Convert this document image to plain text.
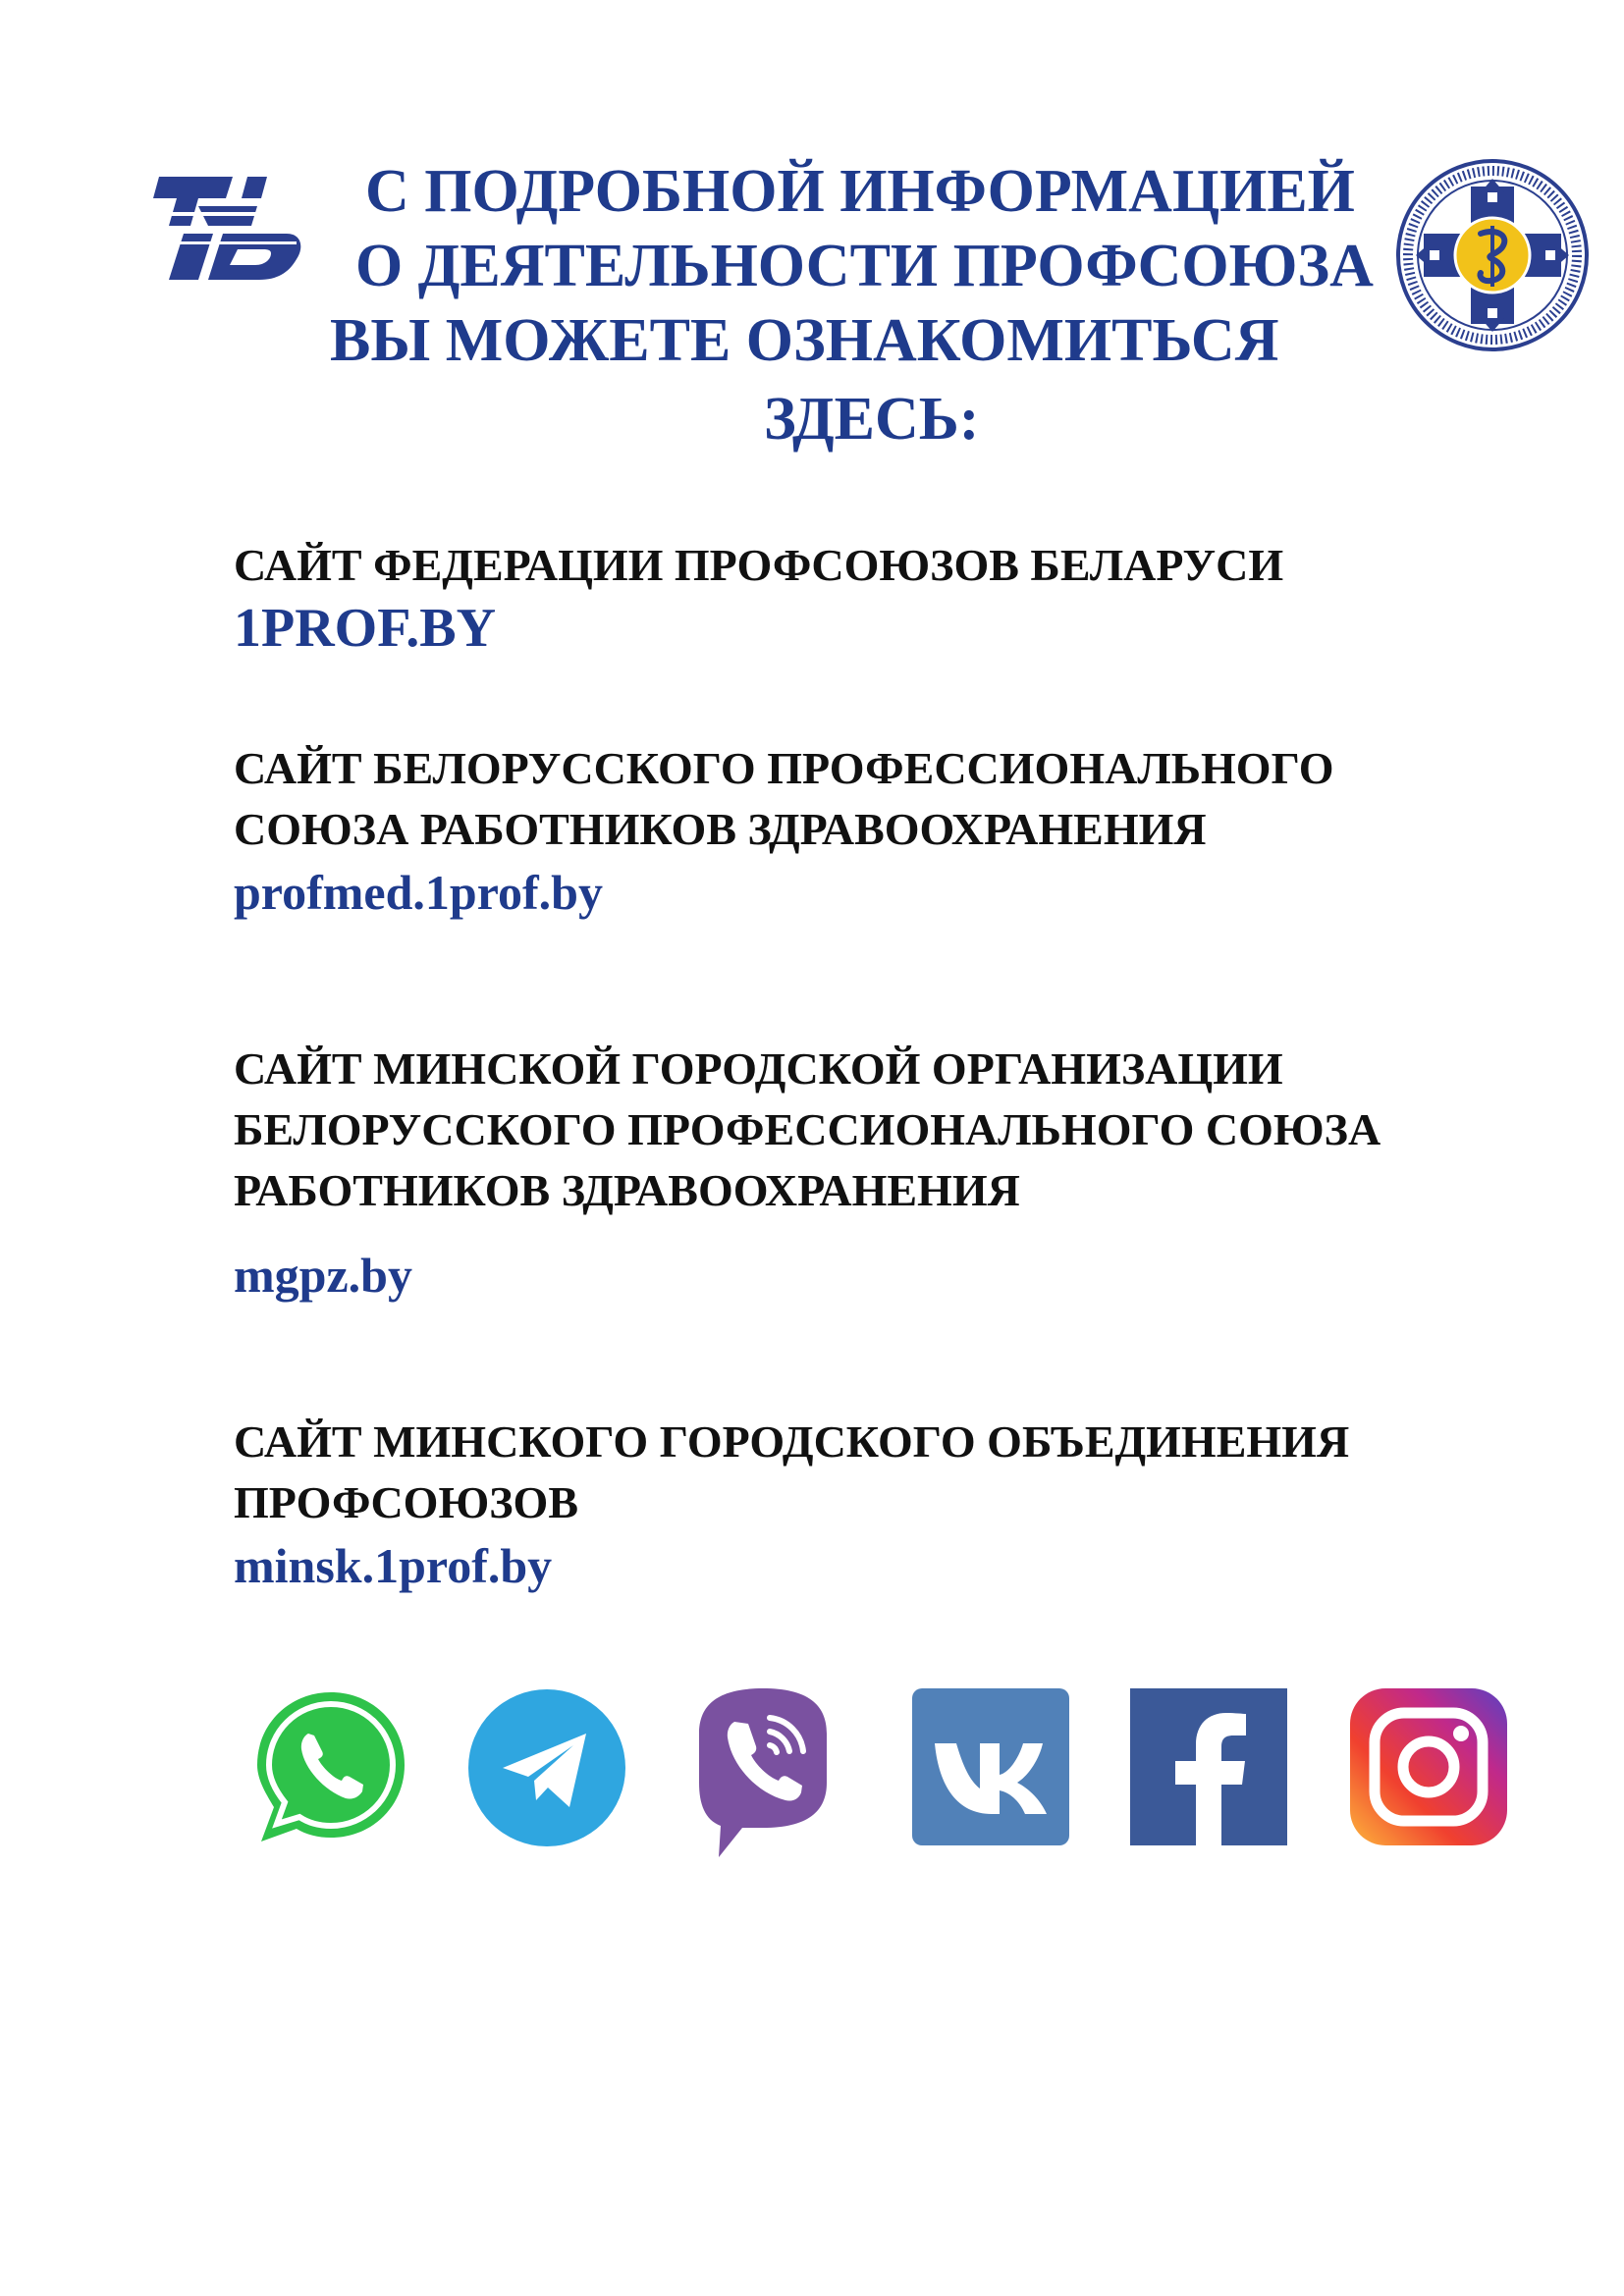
С ПОДРОБНОЙ ИНФОРМАЦИЕЙ
О ДЕЯТЕЛЬНОСТИ ПРОФСОЮЗА
ВЫ МОЖЕТЕ ОЗНАКОМИТЬСЯ
ЗДЕСЬ:

САЙТ ФЕДЕРАЦИИ ПРОФСОЮЗОВ БЕЛАРУСИ

1PROF.BY

САЙТ БЕЛОРУССКОГО ПРОФЕССИОНАЛЬНОГО

СОЮЗА РАБОТНИКОВ ЗДРАВООХРАНЕНИЯ

profmed.1prof.by

САЙТ МИНСКОЙ ГОРОДСКОЙ ОРГАНИЗАЦИИ

БЕЛОРУССКОГО ПРОФЕССИОНАЛЬНОГО СОЮЗА

РАБОТНИКОВ ЗДРАВООХРАНЕНИЯ

mgpz.by

САЙТ МИНСКОГО ГОРОДСКОГО ОБЪЕДИНЕНИЯ

ПРОФСОЮЗОВ

minsk.1prof.by
